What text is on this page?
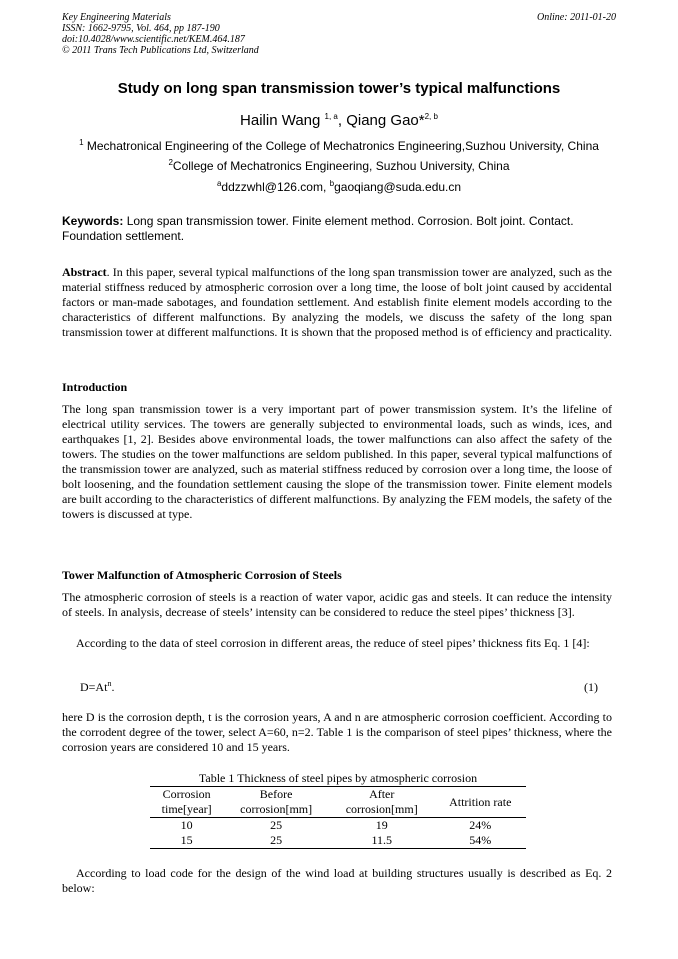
Key Engineering Materials
ISSN: 1662-9795, Vol. 464, pp 187-190
doi:10.4028/www.scientific.net/KEM.464.187
© 2011 Trans Tech Publications Ltd, Switzerland
Online: 2011-01-20
Study on long span transmission tower’s typical malfunctions
Hailin Wang $^{1, a}$, Qiang Gao*$^{2, b}$
$^1$ Mechatronical Engineering of the College of Mechatronics Engineering,Suzhou University, China
$^2$College of Mechatronics Engineering, Suzhou University, China
$^a$ddzzwhl@126.com, $^b$gaoqiang@suda.edu.cn
Keywords: Long span transmission tower. Finite element method. Corrosion. Bolt joint. Contact. Foundation settlement.
Abstract. In this paper, several typical malfunctions of the long span transmission tower are analyzed, such as the material stiffness reduced by atmospheric corrosion over a long time, the loose of bolt joint caused by accidental factors or man-made sabotages, and foundation settlement. And establish finite element models according to the characteristics of different malfunctions. By analyzing the models, we discuss the safety of the long span transmission tower at different malfunctions. It is shown that the proposed method is of efficiency and practicality.
Introduction
The long span transmission tower is a very important part of power transmission system. It’s the lifeline of electrical utility services. The towers are generally subjected to environmental loads, such as winds, ices, and earthquakes [1, 2]. Besides above environmental loads, the tower malfunctions can also affect the safety of the towers. The studies on the tower malfunctions are seldom published. In this paper, several typical malfunctions of the transmission tower are analyzed, such as material stiffness reduced by corrosion over a long time, the loose of bolt loosening, and the foundation settlement causing the slope of the transmission tower. Finite element models are built according to the characteristics of different malfunctions. By analyzing the FEM models, the safety of the towers is discussed at type.
Tower Malfunction of Atmospheric Corrosion of Steels
The atmospheric corrosion of steels is a reaction of water vapor, acidic gas and steels. It can reduce the intensity of steels. In analysis, decrease of steels’ intensity can be considered to reduce the steel pipes’ thickness [3].
According to the data of steel corrosion in different areas, the reduce of steel pipes’ thickness fits Eq. 1 [4]:
$D=At^n$.	(1)
here D is the corrosion depth, t is the corrosion years, A and n are atmospheric corrosion coefficient. According to the corrodent degree of the tower, select A=60, n=2. Table 1 is the comparison of steel pipes’ thickness, where the corrosion years are considered 10 and 15 years.
Table 1 Thickness of steel pipes by atmospheric corrosion
Corrosion	Before	After	Attrition rate
time[year]	corrosion[mm]	corrosion[mm]	
10	25	19	24%
15	25	11.5	54%
According to load code for the design of the wind load at building structures usually is described as Eq. 2 below:
